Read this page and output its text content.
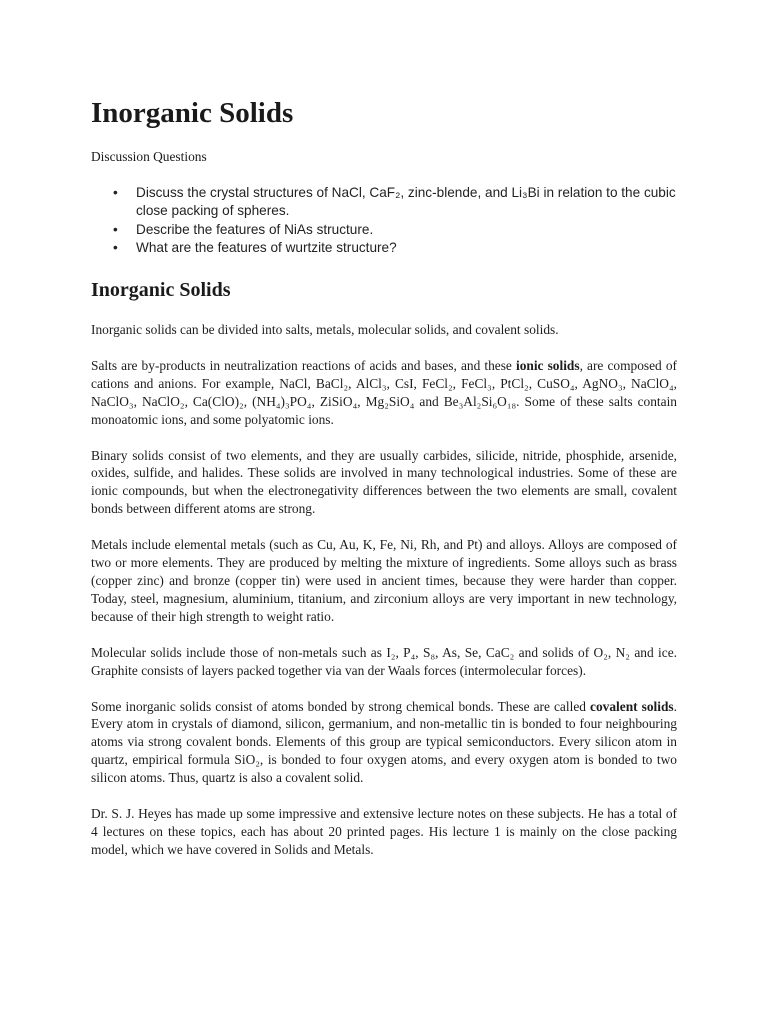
Inorganic Solids
Discussion Questions
• Discuss the crystal structures of NaCl, CaF₂, zinc-blende, and Li₃Bi in relation to the cubic close packing of spheres.
• Describe the features of NiAs structure.
• What are the features of wurtzite structure?
Inorganic Solids

Inorganic solids can be divided into salts, metals, molecular solids, and covalent solids.

Salts are by-products in neutralization reactions of acids and bases, and these ionic solids, are composed of cations and anions. For example, NaCl, BaCl₂, AlCl₃, CsI, FeCl₂, FeCl₃, PtCl₂, CuSO₄, AgNO₃, NaClO₄, NaClO₃, NaClO₂, Ca(ClO)₂, (NH₄)₃PO₄, ZiSiO₄, Mg₂SiO₄ and Be₃Al₂Si₆O₁₈. Some of these salts contain monoatomic ions, and some polyatomic ions.

Binary solids consist of two elements, and they are usually carbides, silicide, nitride, phosphide, arsenide, oxides, sulfide, and halides. These solids are involved in many technological industries. Some of these are ionic compounds, but when the electronegativity differences between the two elements are small, covalent bonds between different atoms are strong.

Metals include elemental metals (such as Cu, Au, K, Fe, Ni, Rh, and Pt) and alloys. Alloys are composed of two or more elements. They are produced by melting the mixture of ingredients. Some alloys such as brass (copper zinc) and bronze (copper tin) were used in ancient times, because they were harder than copper. Today, steel, magnesium, aluminium, titanium, and zirconium alloys are very important in new technology, because of their high strength to weight ratio.

Molecular solids include those of non-metals such as I₂, P₄, S₈, As, Se, CaC₂ and solids of O₂, N₂ and ice. Graphite consists of layers packed together via van der Waals forces (intermolecular forces).

Some inorganic solids consist of atoms bonded by strong chemical bonds. These are called covalent solids. Every atom in crystals of diamond, silicon, germanium, and non-metallic tin is bonded to four neighbouring atoms via strong covalent bonds. Elements of this group are typical semiconductors. Every silicon atom in quartz, empirical formula SiO₂, is bonded to four oxygen atoms, and every oxygen atom is bonded to two silicon atoms. Thus, quartz is also a covalent solid.

Dr. S. J. Heyes has made up some impressive and extensive lecture notes on these subjects. He has a total of 4 lectures on these topics, each has about 20 printed pages. His lecture 1 is mainly on the close packing model, which we have covered in Solids and Metals.
